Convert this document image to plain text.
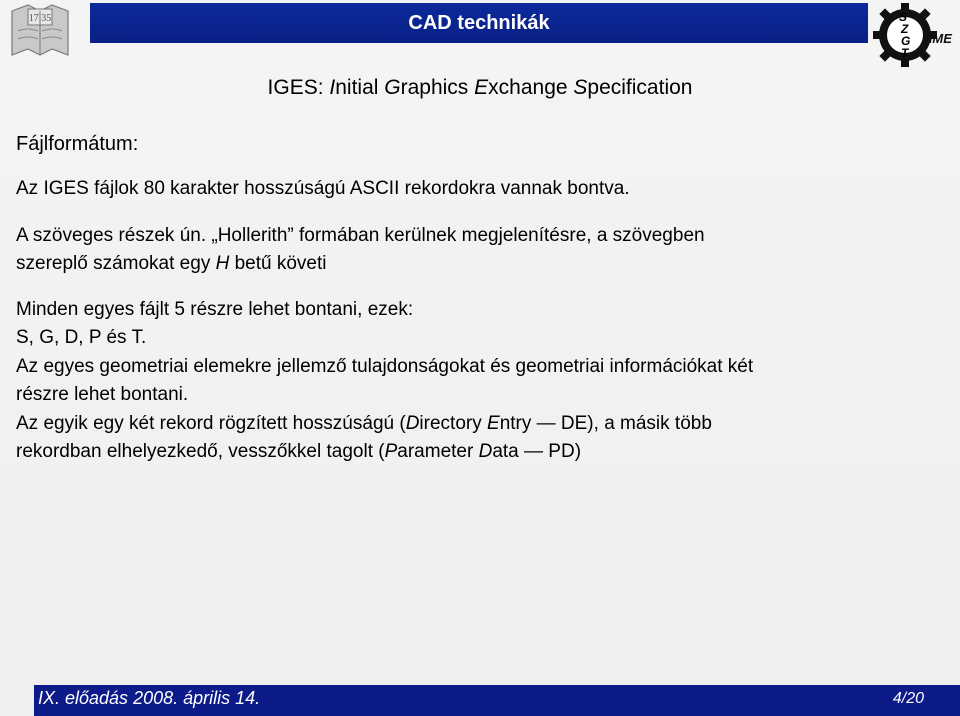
17 35	CAD technikák	S
Z
G
T
NME
IGES: Initial Graphics Exchange Specification
Fájlformátum:
Az IGES fájlok 80 karakter hosszúságú ASCII rekordokra vannak bontva.
A szöveges részek ún. „Hollerith” formában kerülnek megjelenítésre, a szövegben
szereplő számokat egy H betű követi
Minden egyes fájlt 5 részre lehet bontani, ezek:
S, G, D, P és T.
Az egyes geometriai elemekre jellemző tulajdonságokat és geometriai információkat két
részre lehet bontani.
Az egyik egy két rekord rögzített hosszúságú (Directory Entry — DE), a másik több
rekordban elhelyezkedő, vesszőkkel tagolt (Parameter Data — PD)
IX. előadás 2008. április 14.	4/20
